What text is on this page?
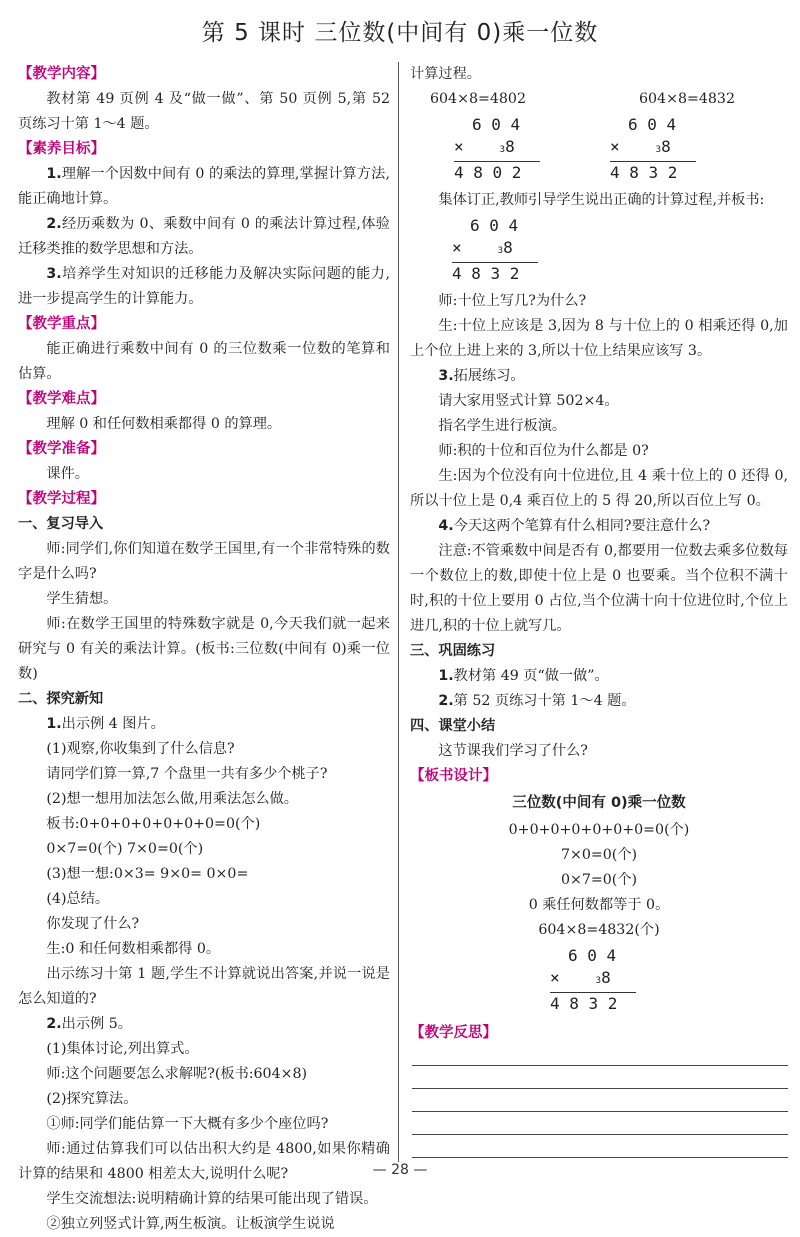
第 5 课时 三位数(中间有 0)乘一位数

【教学内容】

教材第 49 页例 4 及“做一做”、第 50 页例 5,第 52 页练习十第 1～4 题。

【素养目标】

1.理解一个因数中间有 0 的乘法的算理,掌握计算方法,能正确地计算。

2.经历乘数为 0、乘数中间有 0 的乘法计算过程,体验迁移类推的数学思想和方法。

3.培养学生对知识的迁移能力及解决实际问题的能力,进一步提高学生的计算能力。

【教学重点】

能正确进行乘数中间有 0 的三位数乘一位数的笔算和估算。

【教学难点】

理解 0 和任何数相乘都得 0 的算理。

【教学准备】

课件。

【教学过程】

一、复习导入

师:同学们,你们知道在数学王国里,有一个非常特殊的数字是什么吗?

学生猜想。

师:在数学王国里的特殊数字就是 0,今天我们就一起来研究与 0 有关的乘法计算。(板书:三位数(中间有 0)乘一位数)

二、探究新知

1.出示例 4 图片。

(1)观察,你收集到了什么信息?

请同学们算一算,7 个盘里一共有多少个桃子?

(2)想一想用加法怎么做,用乘法怎么做。

板书:0+0+0+0+0+0+0=0(个)

0×7=0(个) 7×0=0(个)

(3)想一想:0×3= 9×0= 0×0=

(4)总结。

你发现了什么?

生:0 和任何数相乘都得 0。

出示练习十第 1 题,学生不计算就说出答案,并说一说是怎么知道的?

2.出示例 5。

(1)集体讨论,列出算式。

师:这个问题要怎么求解呢?(板书:604×8)

(2)探究算法。

①师:同学们能估算一下大概有多少个座位吗?

师:通过估算我们可以估出积大约是 4800,如果你精确计算的结果和 4800 相差太大,说明什么呢?

学生交流想法:说明精确计算的结果可能出现了错误。

②独立列竖式计算,两生板演。让板演学生说说

计算过程。

604×8=4802	604×8=4832
6 0 4
×	38
4 8 0 2
6 0 4
×	38
4 8 3 2

集体订正,教师引导学生说出正确的计算过程,并板书:

6 0 4
×	38
4 8 3 2

师:十位上写几?为什么?

生:十位上应该是 3,因为 8 与十位上的 0 相乘还得 0,加上个位上进上来的 3,所以十位上结果应该写 3。

3.拓展练习。

请大家用竖式计算 502×4。

指名学生进行板演。

师:积的十位和百位为什么都是 0?

生:因为个位没有向十位进位,且 4 乘十位上的 0 还得 0,所以十位上是 0,4 乘百位上的 5 得 20,所以百位上写 0。

4.今天这两个笔算有什么相同?要注意什么?

注意:不管乘数中间是否有 0,都要用一位数去乘多位数每一个数位上的数,即使十位上是 0 也要乘。当个位积不满十时,积的十位上要用 0 占位,当个位满十向十位进位时,个位上进几,积的十位上就写几。

三、巩固练习

1.教材第 49 页“做一做”。

2.第 52 页练习十第 1～4 题。

四、课堂小结

这节课我们学习了什么?

【板书设计】

三位数(中间有 0)乘一位数
0+0+0+0+0+0+0=0(个)
7×0=0(个)
0×7=0(个)
0 乘任何数都等于 0。
604×8=4832(个)
6 0 4
×	38
4 8 3 2

【教学反思】

— 28 —
